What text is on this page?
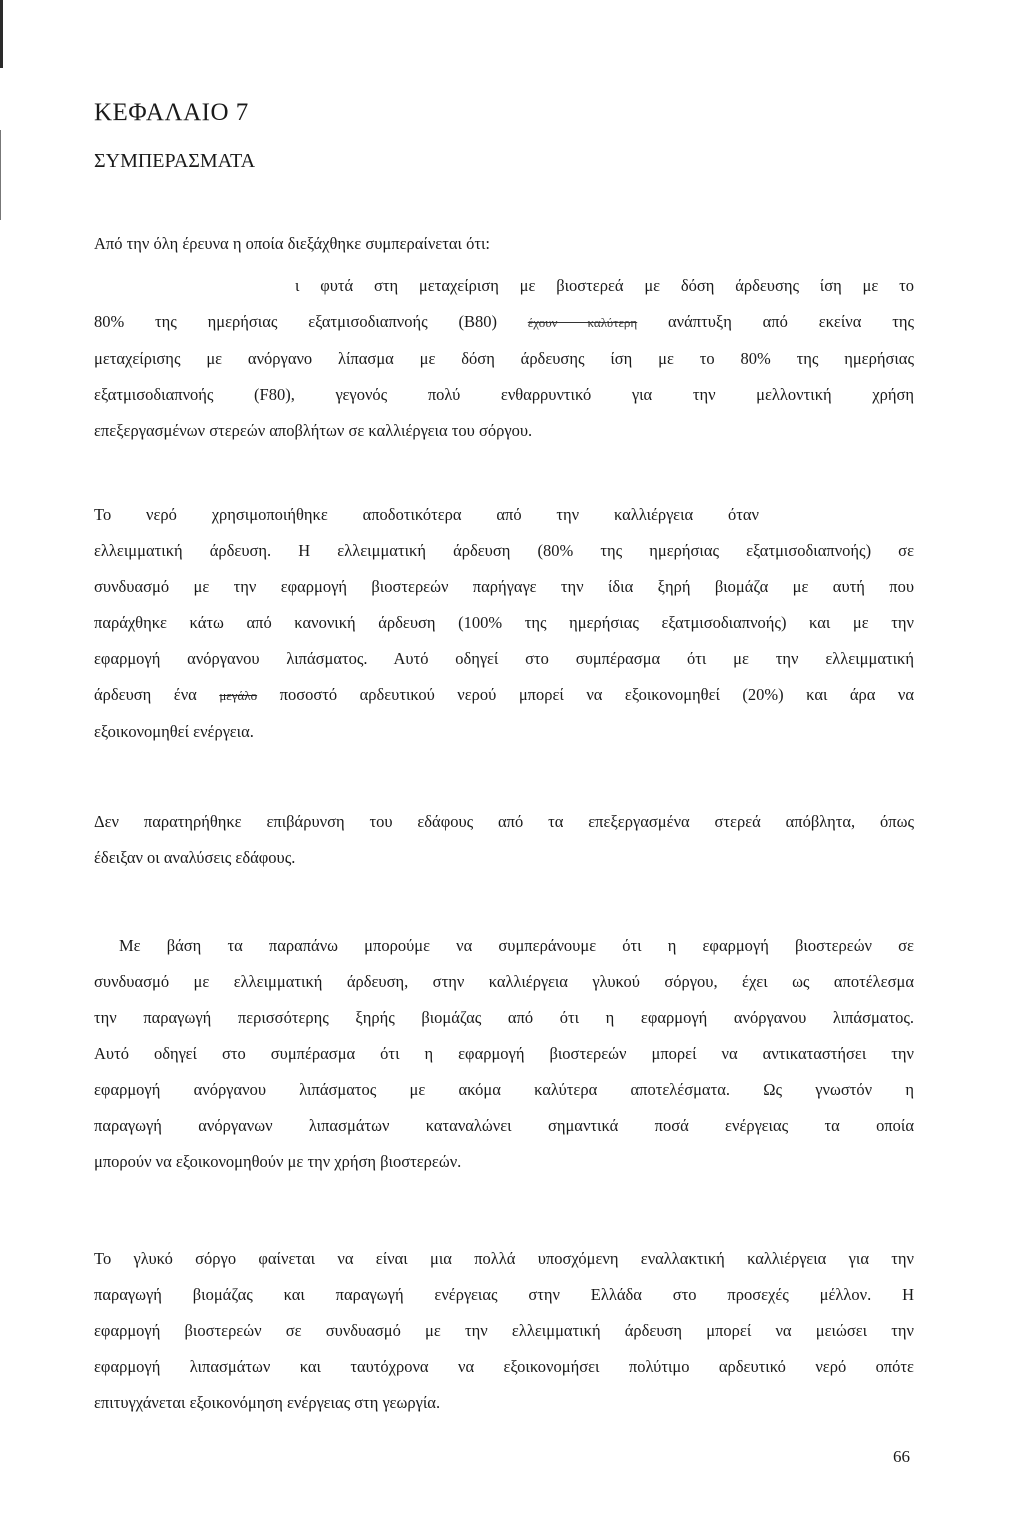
ΚΕΦΑΛΑΙΟ 7
ΣΥΜΠΕΡΑΣΜΑΤΑ

Από την όλη έρευνα η οποία διεξάχθηκε συμπεραίνεται ότι:

ι φυτά στη μεταχείριση με βιοστερεά με δόση άρδευσης ίση με το
80% της ημερήσιας εξατμισοδιαπνοής (B80) έχουν καλύτερη ανάπτυξη από εκείνα της
μεταχείρισης με ανόργανο λίπασμα με δόση άρδευσης ίση με το 80% της ημερήσιας
εξατμισοδιαπνοής (F80), γεγονός πολύ ενθαρρυντικό για την μελλοντική χρήση
επεξεργασμένων στερεών αποβλήτων σε καλλιέργεια του σόργου.

Το νερό χρησιμοποιήθηκε αποδοτικότερα από την καλλιέργεια όταν
ελλειμματική άρδευση. Η ελλειμματική άρδευση (80% της ημερήσιας εξατμισοδιαπνοής) σε
συνδυασμό με την εφαρμογή βιοστερεών παρήγαγε την ίδια ξηρή βιομάζα με αυτή που
παράχθηκε κάτω από κανονική άρδευση (100% της ημερήσιας εξατμισοδιαπνοής) και με την
εφαρμογή ανόργανου λιπάσματος. Αυτό οδηγεί στο συμπέρασμα ότι με την ελλειμματική
άρδευση ένα μεγάλο ποσοστό αρδευτικού νερού μπορεί να εξοικονομηθεί (20%) και άρα να
εξοικονομηθεί ενέργεια.

Δεν παρατηρήθηκε επιβάρυνση του εδάφους από τα επεξεργασμένα στερεά απόβλητα, όπως
έδειξαν οι αναλύσεις εδάφους.

Με βάση τα παραπάνω μπορούμε να συμπεράνουμε ότι η εφαρμογή βιοστερεών σε
συνδυασμό με ελλειμματική άρδευση, στην καλλιέργεια γλυκού σόργου, έχει ως αποτέλεσμα
την παραγωγή περισσότερης ξηρής βιομάζας από ότι η εφαρμογή ανόργανου λιπάσματος.
Αυτό οδηγεί στο συμπέρασμα ότι η εφαρμογή βιοστερεών μπορεί να αντικαταστήσει την
εφαρμογή ανόργανου λιπάσματος με ακόμα καλύτερα αποτελέσματα. Ως γνωστόν η
παραγωγή ανόργανων λιπασμάτων καταναλώνει σημαντικά ποσά ενέργειας τα οποία
μπορούν να εξοικονομηθούν με την χρήση βιοστερεών.

Το γλυκό σόργο φαίνεται να είναι μια πολλά υποσχόμενη εναλλακτική καλλιέργεια για την
παραγωγή βιομάζας και παραγωγή ενέργειας στην Ελλάδα στο προσεχές μέλλον. Η
εφαρμογή βιοστερεών σε συνδυασμό με την ελλειμματική άρδευση μπορεί να μειώσει την
εφαρμογή λιπασμάτων και ταυτόχρονα να εξοικονομήσει πολύτιμο αρδευτικό νερό οπότε
επιτυγχάνεται εξοικονόμηση ενέργειας στη γεωργία.

66
